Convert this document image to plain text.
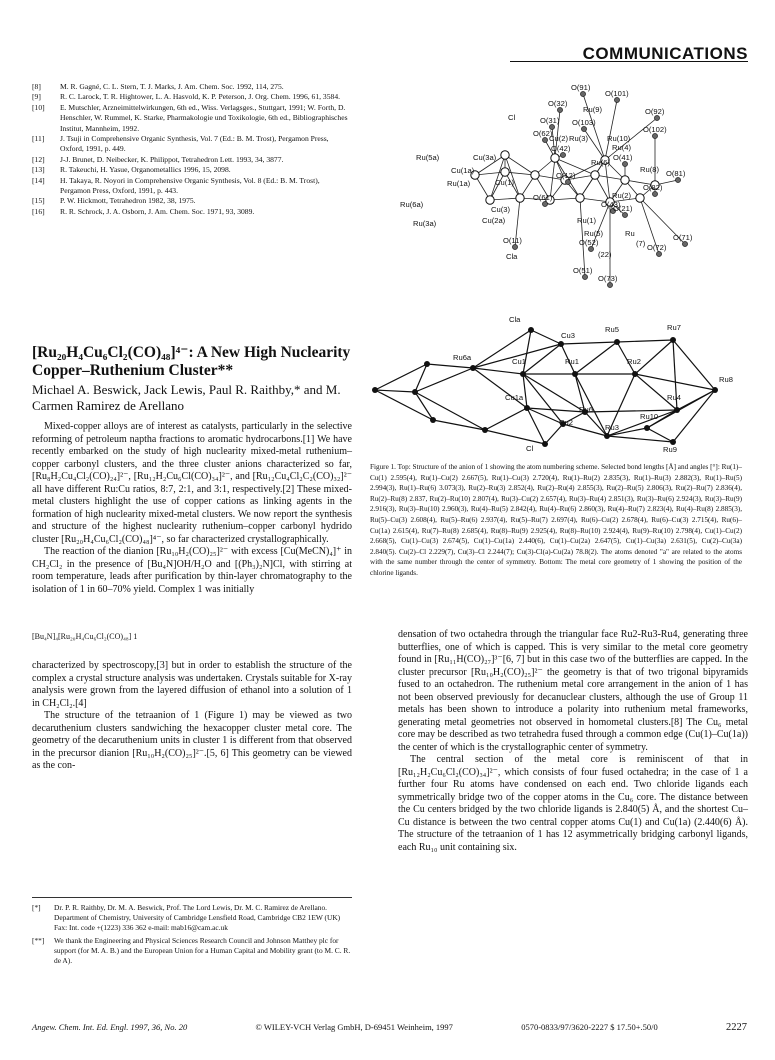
COMMUNICATIONS
[8]	M. R. Gagné, C. L. Stern, T. J. Marks, J. Am. Chem. Soc. 1992, 114, 275.
[9]	R. C. Larock, T. R. Hightower, L. A. Hasvold, K. P. Peterson, J. Org. Chem. 1996, 61, 3584.
[10]	E. Mutschler, Arzneimittelwirkungen, 6th ed., Wiss. Verlagsges., Stuttgart, 1991; W. Forth, D. Henschler, W. Rummel, K. Starke, Pharmakologie und Toxikologie, 6th ed., Bibliographisches Institut, Mannheim, 1992.
[11]	J. Tsuji in Comprehensive Organic Synthesis, Vol. 7 (Ed.: B. M. Trost), Pergamon Press, Oxford, 1991, p. 449.
[12]	J-J. Brunet, D. Neibecker, K. Philippot, Tetrahedron Lett. 1993, 34, 3877.
[13]	R. Takeuchi, H. Yasue, Organometallics 1996, 15, 2098.
[14]	H. Takaya, R. Noyori in Comprehensive Organic Synthesis, Vol. 8 (Ed.: B. M. Trost), Pergamon Press, Oxford, 1991, p. 443.
[15]	P. W. Hickmott, Tetrahedron 1982, 38, 1975.
[16]	R. R. Schrock, J. A. Osborn, J. Am. Chem. Soc. 1971, 93, 3089.
[Ru₂₀H₄Cu₆Cl₂(CO)₄₈]⁴⁻: A New High Nuclearity Copper–Ruthenium Cluster**
Michael A. Beswick, Jack Lewis, Paul R. Raithby,* and M. Carmen Ramirez de Arellano

Mixed-copper alloys are of interest as catalysts, particularly in the selective reforming of petroleum naptha fractions to aromatic hydrocarbons.[1] We have recently embarked on the study of high nuclearity mixed-metal ruthenium–copper carbonyl clusters, and the three cluster anions characterized so far, [Ru₈H₂Cu₄Cl₂(CO)₂₄]²⁻, [Ru₁₂H₂Cu₆Cl(CO)₃₄]²⁻, and [Ru₁₂Cu₄Cl₂C₂(CO)₃₂]²⁻ all have different Ru:Cu ratios, 8:7, 2:1, and 3:1, respectively.[2] These mixed-metal clusters highlight the use of copper cations as linking agents in the formation of high nuclearity mixed-metal clusters. We now report the synthesis and structure of the highest nuclearity ruthenium–copper carbonyl hydrido cluster [Ru₂₀H₄Cu₆Cl₂(CO)₄₈]⁴⁻, so far characterized crystallographically.

The reaction of the dianion [Ru₁₀H₂(CO)₂₅]²⁻ with excess [Cu(MeCN)₄]⁺ in CH₂Cl₂ in the presence of [Bu₄N]OH/H₂O and [(Ph₃)₂N]Cl, with stirring at room temperature, leads after purification by thin-layer chromatography to the isolation of 1 in 60–70% yield. Complex 1 was initially

[Bu₄N]₄[Ru₂₀H₄Cu₆Cl₂(CO)₄₈] 1

characterized by spectroscopy,[3] but in order to establish the structure of the complex a crystal structure analysis was undertaken. Crystals suitable for X-ray analysis were grown from the layered diffusion of ethanol into a solution of 1 in CH₂Cl₂.[4]

The structure of the tetraanion of 1 (Figure 1) may be viewed as two decaruthenium clusters sandwiching the hexacopper cluster metal core. The geometry of the decaruthenium units in cluster 1 is different from that observed in the precursor dianion [Ru₁₀H₂(CO)₂₅]²⁻.[5, 6] This geometry can be viewed as the con-

[*]	Dr. P. R. Raithby, Dr. M. A. Beswick, Prof. The Lord Lewis, Dr. M. C. Ramirez de Arellano. Department of Chemistry, University of Cambridge Lensfield Road, Cambridge CB2 1EW (UK) Fax: Int. code +(1223) 336 362 e-mail: mab16@cam.ac.uk
[**]	We thank the Engineering and Physical Sciences Research Council and Johnson Matthey plc for support (for M. A. B.) and the European Union for a Human Capital and Mobility grant (to M. C. R. de A).
O(91)
O(101)
O(32)
Ru(9)	O(92)
Cl	O(31) O(103)
O(102)
O(62)
Cu(2) Ru(3)	Ru(10)
O(42)	Ru(4)
O(41)
Ru(5a)	Cu(3a)
Ru(6)
Ru(8)
Cu(1a)
O(12)	O(81)
Ru(1a)	Cu(1)
O(82)
Ru(2)
O(61)
O(43)
O(21)
Ru(6a)
Cu(3)
Cu(2a)	Ru(1)
Ru(3a)
Ru(5)	Ru	O(71)
O(11)	O(52)	(7) O(72)
Cla	(22)
O(51)
O(73)
Cla
Cu3
Ru5	Ru7
Ru6a	Cu1	Ru1	Ru2
Ru8
Ru4
Cu1a
Ru6
Cu2
Ru10
Ru3
Cl	Ru9
Figure 1. Top: Structure of the anion of 1 showing the atom numbering scheme. Selected bond lengths [Å] and angles [°]: Ru(1)–Cu(1) 2.595(4), Ru(1)–Cu(2) 2.667(5), Ru(1)–Cu(3) 2.720(4), Ru(1)–Ru(2) 2.835(3), Ru(1)–Ru(3) 2.882(3), Ru(1)–Ru(5) 2.994(3), Ru(1)–Ru(6) 3.073(3), Ru(2)–Ru(3) 2.852(4), Ru(2)–Ru(4) 2.855(3), Ru(2)–Ru(5) 2.806(3), Ru(2)–Ru(7) 2.836(4), Ru(2)–Ru(8) 2.837, Ru(2)–Ru(10) 2.807(4), Ru(3)–Cu(2) 2.657(4), Ru(3)–Ru(4) 2.851(3), Ru(3)–Ru(6) 2.924(3), Ru(3)–Ru(9) 2.916(3), Ru(3)–Ru(10) 2.960(3), Ru(4)–Ru(5) 2.842(4), Ru(4)–Ru(6) 2.860(3), Ru(4)–Ru(7) 2.823(4), Ru(4)–Ru(8) 2.885(3), Ru(5)–Cu(3) 2.608(4), Ru(5)–Ru(6) 2.937(4), Ru(5)–Ru(7) 2.697(4), Ru(6)–Cu(2) 2.678(4), Ru(6)–Cu(3) 2.715(4), Ru(6)–Cu(1a) 2.615(4), Ru(7)–Ru(8) 2.685(4), Ru(8)–Ru(9) 2.925(4), Ru(8)–Ru(10) 2.924(4), Ru(9)–Ru(10) 2.798(4), Cu(1)–Cu(2) 2.668(5), Cu(1)–Cu(3) 2.674(5), Cu(1)–Cu(1a) 2.440(6), Cu(1)–Cu(2a) 2.647(5), Cu(1)–Cu(3a) 2.631(5), Cu(2)–Cu(3a) 2.840(5). Cu(2)–Cl 2.229(7), Cu(3)–Cl 2.244(7); Cu(3)-Cl(a)-Cu(2a) 78.8(2). The atoms denoted "a" are related to the atoms with the same number through the center of symmetry. Bottom: The metal core geometry of 1 showing the position of the chlorine ligands.

densation of two octahedra through the triangular face Ru2-Ru3-Ru4, generating three butterflies, one of which is capped. This is very similar to the metal core geometry found in [Ru₁₁H(CO)₂₇]³⁻[6, 7] but in this case two of the butterflies are capped. In the cluster precursor [Ru₁₀H₂(CO)₂₅]²⁻ the geometry is that of two trigonal bipyramids fused to an octahedron. The ruthenium metal core arrangement in the anion of 1 has not been observed previously for decanuclear clusters, although the use of Group 11 metals has been shown to introduce a polarity into ruthenium metal frameworks, generating metal geometries not observed in homometal clusters.[8] The Cu₆ metal core may be described as two tetrahedra fused through a common edge (Cu(1)–Cu(1a)) the center of which is the crystallographic center of symmetry.

The central section of the metal core is reminiscent of that in [Ru₁₂H₂Cu₆Cl₂(CO)₃₄]²⁻, which consists of four fused octahedra; in the case of 1 a further four Ru atoms have condensed on each end. Two chloride ligands each symmetrically bridge two of the copper atoms in the Cu₆ core. The distance between the Cu centers bridged by the two chloride ligands is 2.840(5) Å, and the shortest Cu–Cu distance is between the two central copper atoms Cu(1) and Cu(1a) (2.440(6) Å). The structure of the tetraanion of 1 has 12 asymmetrically bridging carbonyl ligands, each Ru₁₀ unit containing six.

Angew. Chem. Int. Ed. Engl. 1997, 36, No. 20	© WILEY-VCH Verlag GmbH, D-69451 Weinheim, 1997	0570-0833/97/3620-2227 $ 17.50+.50/0	2227
